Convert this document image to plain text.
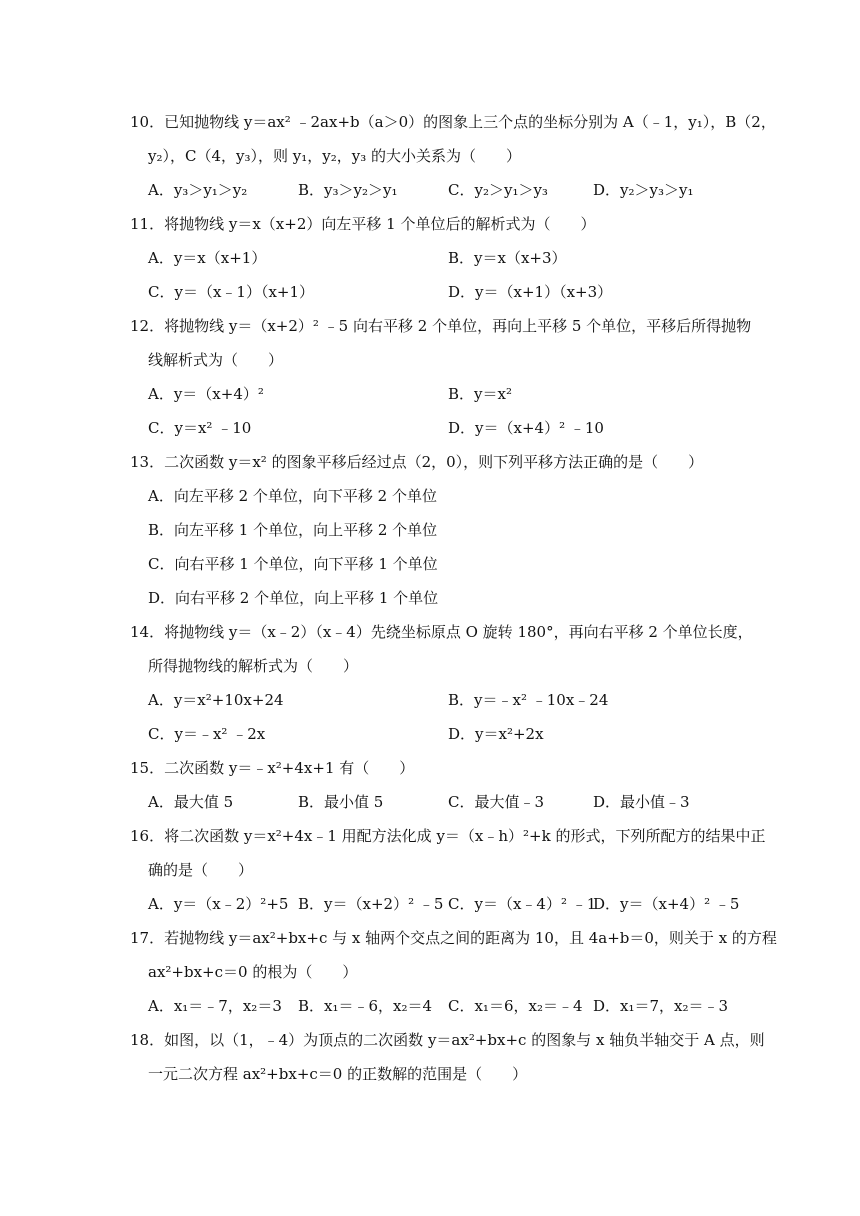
10．已知抛物线 y＝ax² ﹣2ax+b（a＞0）的图象上三个点的坐标分别为 A（﹣1，y₁），B（2，
y₂），C（4，y₃），则 y₁，y₂，y₃ 的大小关系为（　　）
A．y₃＞y₁＞y₂	B．y₃＞y₂＞y₁	C．y₂＞y₁＞y₃	D．y₂＞y₃＞y₁
11．将抛物线 y＝x（x+2）向左平移 1 个单位后的解析式为（　　）
A．y＝x（x+1）	B．y＝x（x+3）
C．y＝（x﹣1）（x+1）	D．y＝（x+1）（x+3）
12．将抛物线 y＝（x+2）² ﹣5 向右平移 2 个单位，再向上平移 5 个单位，平移后所得抛物
线解析式为（　　）
A．y＝（x+4）²	B．y＝x²
C．y＝x² ﹣10	D．y＝（x+4）² ﹣10
13．二次函数 y＝x² 的图象平移后经过点（2，0），则下列平移方法正确的是（　　）
A．向左平移 2 个单位，向下平移 2 个单位
B．向左平移 1 个单位，向上平移 2 个单位
C．向右平移 1 个单位，向下平移 1 个单位
D．向右平移 2 个单位，向上平移 1 个单位
14．将抛物线 y＝（x﹣2）（x﹣4）先绕坐标原点 O 旋转 180°，再向右平移 2 个单位长度，
所得抛物线的解析式为（　　）
A．y＝x²+10x+24	B．y＝﹣x² ﹣10x﹣24
C．y＝﹣x² ﹣2x	D．y＝x²+2x
15．二次函数 y＝﹣x²+4x+1 有（　　）
A．最大值 5	B．最小值 5	C．最大值﹣3	D．最小值﹣3
16．将二次函数 y＝x²+4x﹣1 用配方法化成 y＝（x﹣h）²+k 的形式，下列所配方的结果中正
确的是（　　）
A．y＝（x﹣2）²+5 B．y＝（x+2）² ﹣5 C．y＝（x﹣4）² ﹣1
D．y＝（x+4）² ﹣5
17．若抛物线 y＝ax²+bx+c 与 x 轴两个交点之间的距离为 10，且 4a+b＝0，则关于 x 的方程
ax²+bx+c＝0 的根为（　　）
A．x₁＝﹣7，x₂＝3 B．x₁＝﹣6，x₂＝4 C．x₁＝6，x₂＝﹣4 D．x₁＝7，x₂＝﹣3
18．如图，以（1，﹣4）为顶点的二次函数 y＝ax²+bx+c 的图象与 x 轴负半轴交于 A 点，则
一元二次方程 ax²+bx+c＝0 的正数解的范围是（　　）
